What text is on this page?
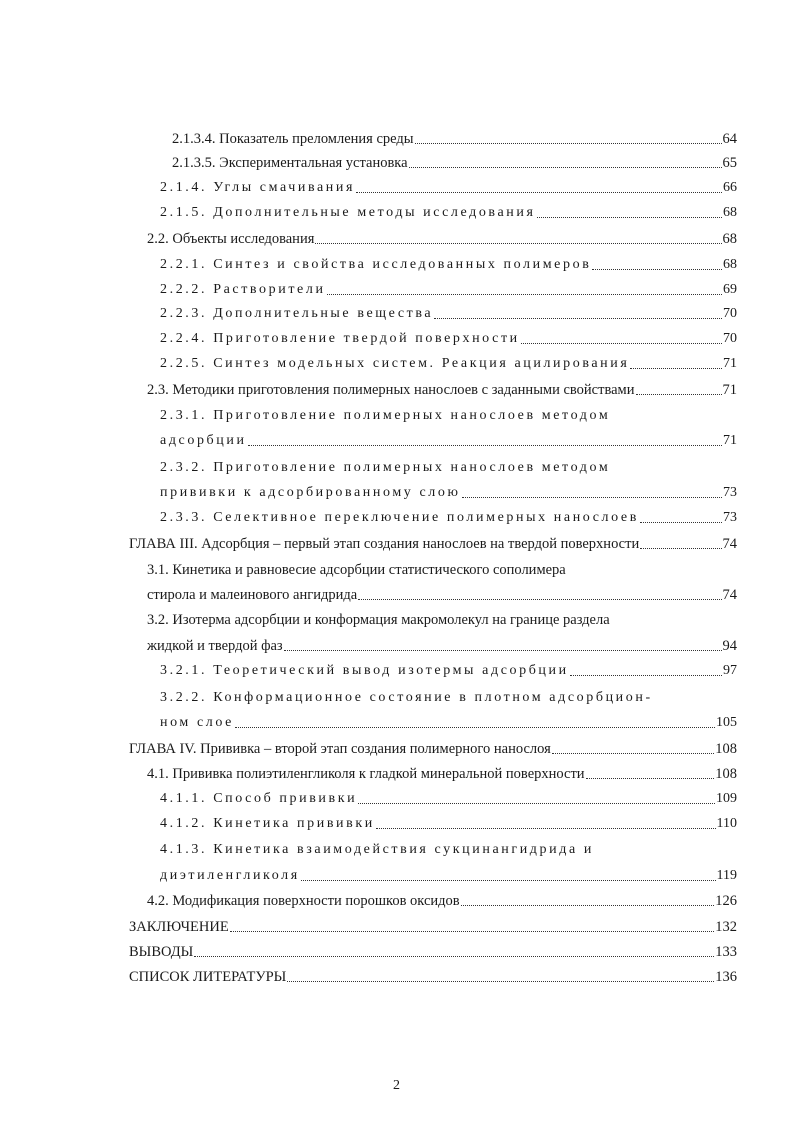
2.1.3.4. Показатель преломления среды	64
2.1.3.5. Экспериментальная установка	65
2.1.4. Углы смачивания	66
2.1.5. Дополнительные методы исследования	68
2.2. Объекты исследования	68
2.2.1. Синтез и свойства исследованных полимеров	68
2.2.2. Растворители	69
2.2.3. Дополнительные вещества	70
2.2.4. Приготовление твердой поверхности	70
2.2.5. Синтез модельных систем. Реакция ацилирования	71
2.3. Методики приготовления полимерных нанослоев с заданными свойствами	71
2.3.1. Приготовление полимерных нанослоев методом
адсорбции	71
2.3.2. Приготовление полимерных нанослоев методом
прививки к адсорбированному слою	73
2.3.3. Селективное переключение полимерных нанослоев	73
ГЛАВА III. Адсорбция – первый этап создания нанослоев на твердой поверхности	74
3.1. Кинетика и равновесие адсорбции статистического сополимера
стирола и малеинового ангидрида	74
3.2. Изотерма адсорбции и конформация макромолекул на границе раздела
жидкой и твердой фаз	94
3.2.1. Теоретический вывод изотермы адсорбции	97
3.2.2. Конформационное состояние в плотном адсорбцион-
ном слое	105
ГЛАВА IV. Прививка – второй этап создания полимерного нанослоя	108
4.1. Прививка полиэтиленгликоля к гладкой минеральной поверхности	108
4.1.1. Способ прививки	109
4.1.2. Кинетика прививки	110
4.1.3. Кинетика взаимодействия сукцинангидрида и
диэтиленгликоля	119
4.2. Модификация поверхности порошков оксидов	126
ЗАКЛЮЧЕНИЕ	132
ВЫВОДЫ	133
СПИСОК ЛИТЕРАТУРЫ	136
2
